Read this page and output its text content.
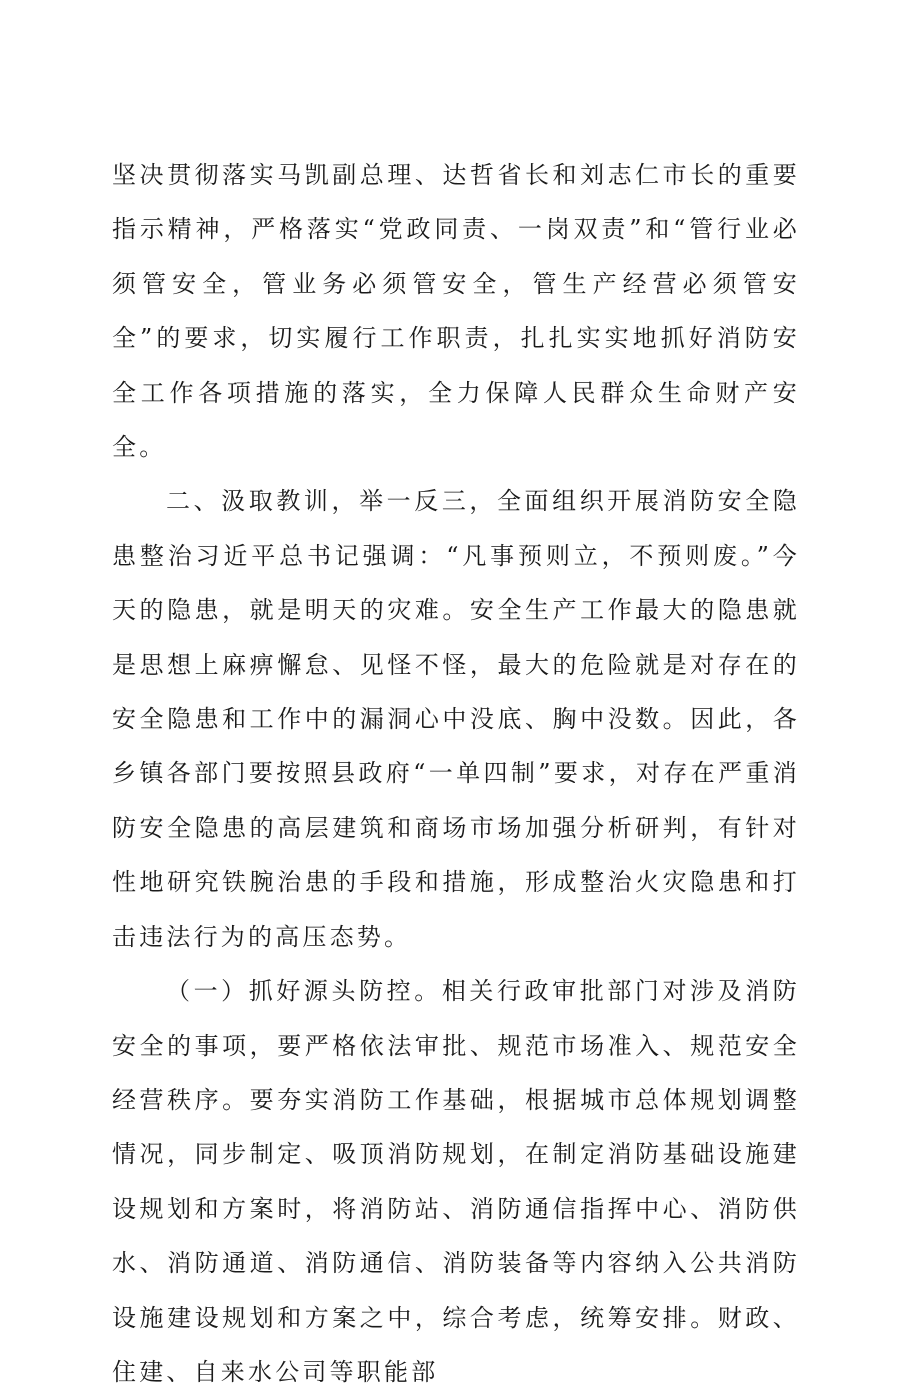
坚决贯彻落实马凯副总理、达哲省长和刘志仁市长的重要指示精神，严格落实“党政同责、一岗双责”和“管行业必须管安全，管业务必须管安全，管生产经营必须管安全”的要求，切实履行工作职责，扎扎实实地抓好消防安全工作各项措施的落实，全力保障人民群众生命财产安全。

二、汲取教训，举一反三，全面组织开展消防安全隐患整治习近平总书记强调：“凡事预则立，不预则废。”今天的隐患，就是明天的灾难。安全生产工作最大的隐患就是思想上麻痹懈怠、见怪不怪，最大的危险就是对存在的安全隐患和工作中的漏洞心中没底、胸中没数。因此，各乡镇各部门要按照县政府“一单四制”要求，对存在严重消防安全隐患的高层建筑和商场市场加强分析研判，有针对性地研究铁腕治患的手段和措施，形成整治火灾隐患和打击违法行为的高压态势。

（一）抓好源头防控。相关行政审批部门对涉及消防安全的事项，要严格依法审批、规范市场准入、规范安全经营秩序。要夯实消防工作基础，根据城市总体规划调整情况，同步制定、吸顶消防规划，在制定消防基础设施建设规划和方案时，将消防站、消防通信指挥中心、消防供水、消防通道、消防通信、消防装备等内容纳入公共消防设施建设规划和方案之中，综合考虑，统筹安排。财政、住建、自来水公司等职能部
